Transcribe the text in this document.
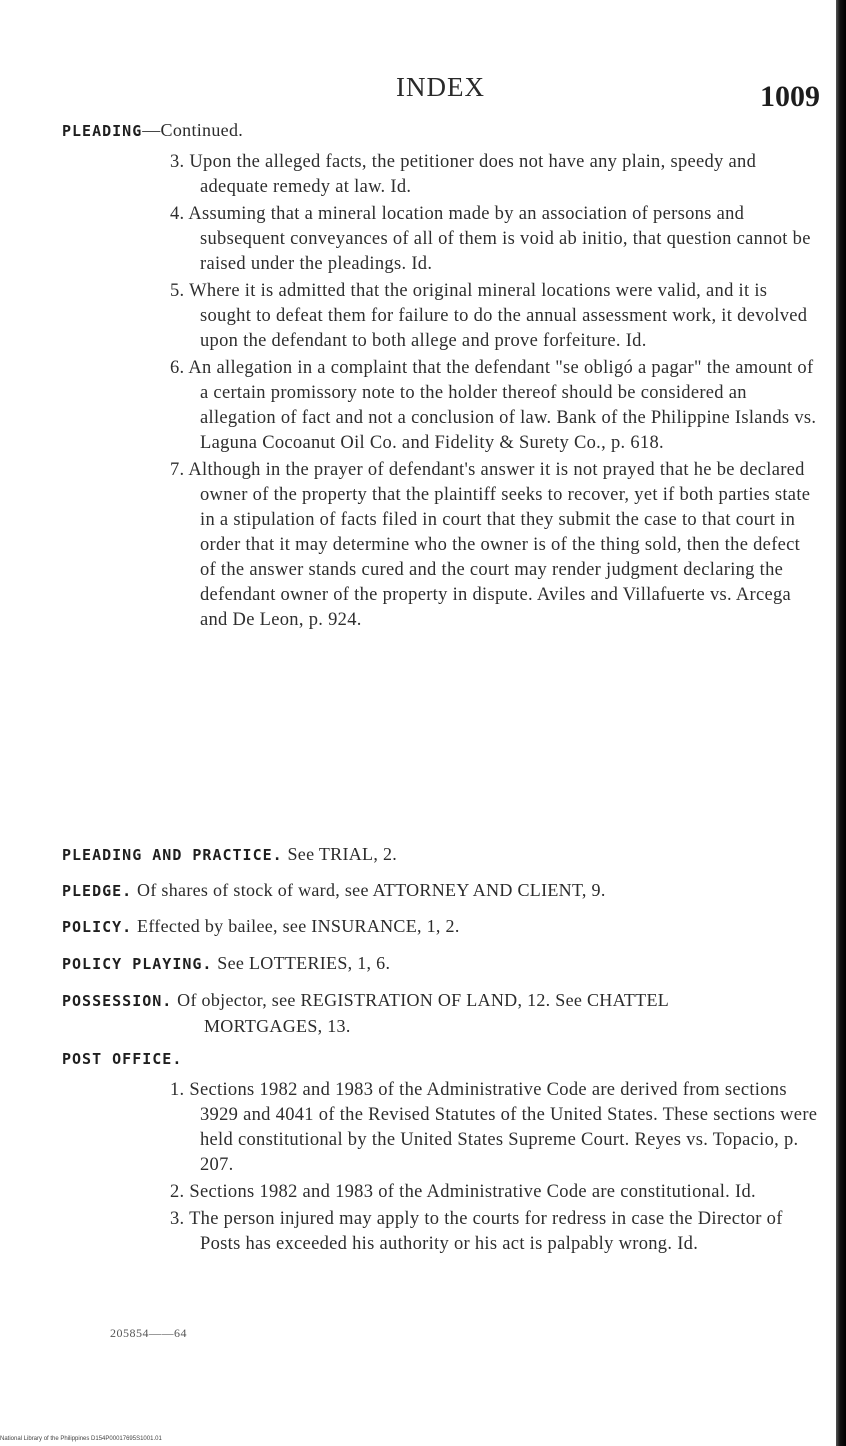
INDEX	1009
PLEADING—Continued.
3. Upon the alleged facts, the petitioner does not have any plain, speedy and adequate remedy at law. Id.
4. Assuming that a mineral location made by an association of persons and subsequent conveyances of all of them is void ab initio, that question cannot be raised under the pleadings. Id.
5. Where it is admitted that the original mineral locations were valid, and it is sought to defeat them for failure to do the annual assessment work, it devolved upon the defendant to both allege and prove forfeiture. Id.
6. An allegation in a complaint that the defendant "se obligó a pagar" the amount of a certain promissory note to the holder thereof should be considered an allegation of fact and not a conclusion of law. Bank of the Philippine Islands vs. Laguna Cocoanut Oil Co. and Fidelity & Surety Co., p. 618.
7. Although in the prayer of defendant's answer it is not prayed that he be declared owner of the property that the plaintiff seeks to recover, yet if both parties state in a stipulation of facts filed in court that they submit the case to that court in order that it may determine who the owner is of the thing sold, then the defect of the answer stands cured and the court may render judgment declaring the defendant owner of the property in dispute. Aviles and Villafuerte vs. Arcega and De Leon, p. 924.
PLEADING AND PRACTICE. See TRIAL, 2.
PLEDGE. Of shares of stock of ward, see ATTORNEY AND CLIENT, 9.
POLICY. Effected by bailee, see INSURANCE, 1, 2.
POLICY PLAYING. See LOTTERIES, 1, 6.
POSSESSION. Of objector, see REGISTRATION OF LAND, 12. See CHATTEL MORTGAGES, 13.
POST OFFICE.
1. Sections 1982 and 1983 of the Administrative Code are derived from sections 3929 and 4041 of the Revised Statutes of the United States. These sections were held constitutional by the United States Supreme Court. Reyes vs. Topacio, p. 207.
2. Sections 1982 and 1983 of the Administrative Code are constitutional. Id.
3. The person injured may apply to the courts for redress in case the Director of Posts has exceeded his authority or his act is palpably wrong. Id.
205854——64
National Library of the Philippines D154P00017695S1001.01
